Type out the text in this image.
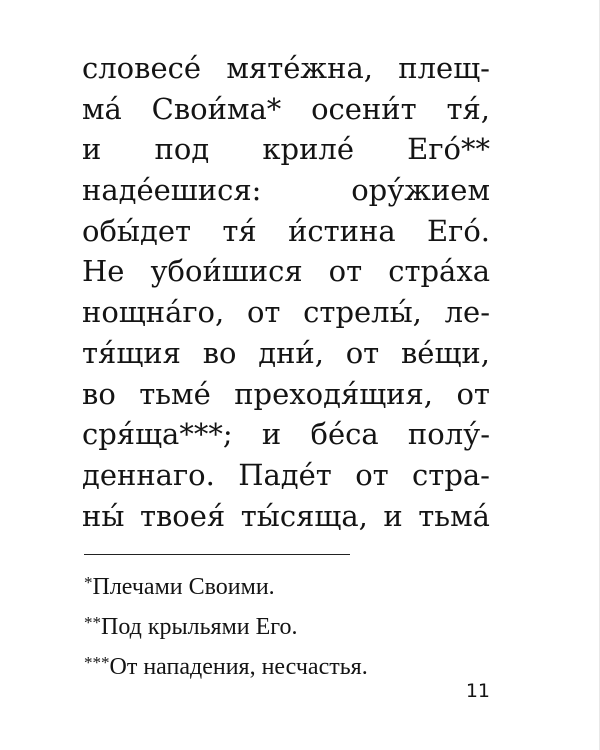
словесе́ мяте́жна, плещ-
ма́ Свои́ма* осени́т тя́,
и под криле́ Его́**
наде́ешися:	ору́жием
обы́дет тя́ и́стина Его́.
Не убои́шися от стра́ха
нощна́го, от стрелы́, ле-
тя́щия во дни́, от ве́щи,
во тьме́ преходя́щия, от
сря́ща***; и бе́са полу́-
деннаго. Паде́т от стра-
ны́ твоея́ ты́сяща, и тьма́
*Плечами Своими.
**Под крыльями Его.
***От нападения, несчастья.
11
